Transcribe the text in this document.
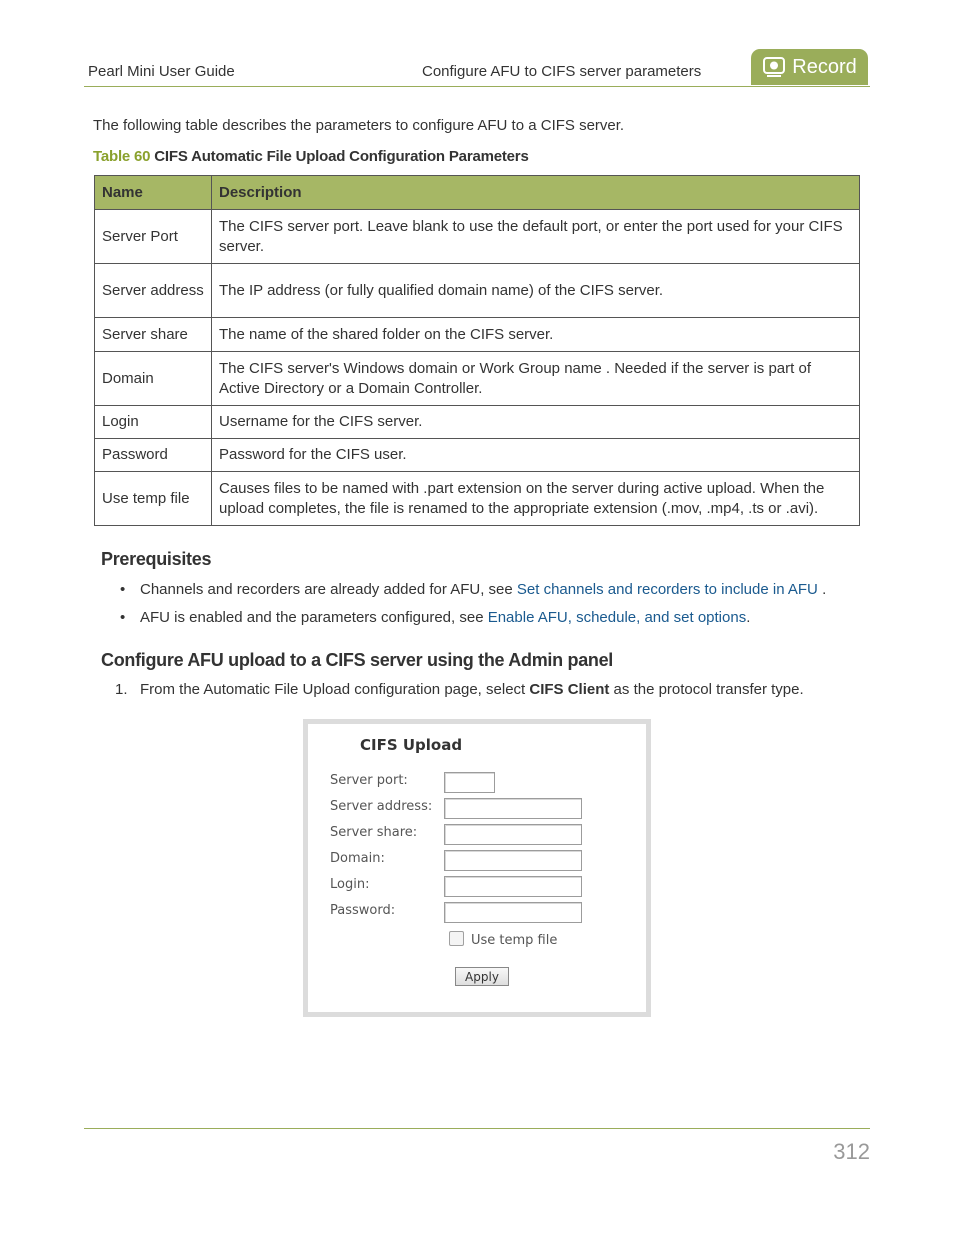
Pearl Mini User Guide	Configure AFU to CIFS server parameters	Record
The following table describes the parameters to configure AFU to a CIFS server.
Table 60 CIFS Automatic File Upload Configuration Parameters
Name	Description
Server Port	The CIFS server port. Leave blank to use the default port, or enter the port used for your CIFS server.
Server address	The IP address (or fully qualified domain name) of the CIFS server.
Server share	The name of the shared folder on the CIFS server.
Domain	The CIFS server's Windows domain or Work Group name . Needed if the server is part of Active Directory or a Domain Controller.
Login	Username for the CIFS server.
Password	Password for the CIFS user.
Use temp file	Causes files to be named with .part extension on the server during active upload. When the upload completes, the file is renamed to the appropriate extension (.mov, .mp4, .ts or .avi).
Prerequisites
• Channels and recorders are already added for AFU, see Set channels and recorders to include in AFU .
• AFU is enabled and the parameters configured, see Enable AFU, schedule, and set options.
Configure AFU upload to a CIFS server using the Admin panel
1. From the Automatic File Upload configuration page, select CIFS Client as the protocol transfer type.
CIFS Upload
Server port:
Server address:
Server share:
Domain:
Login:
Password:
Use temp file
Apply
312
